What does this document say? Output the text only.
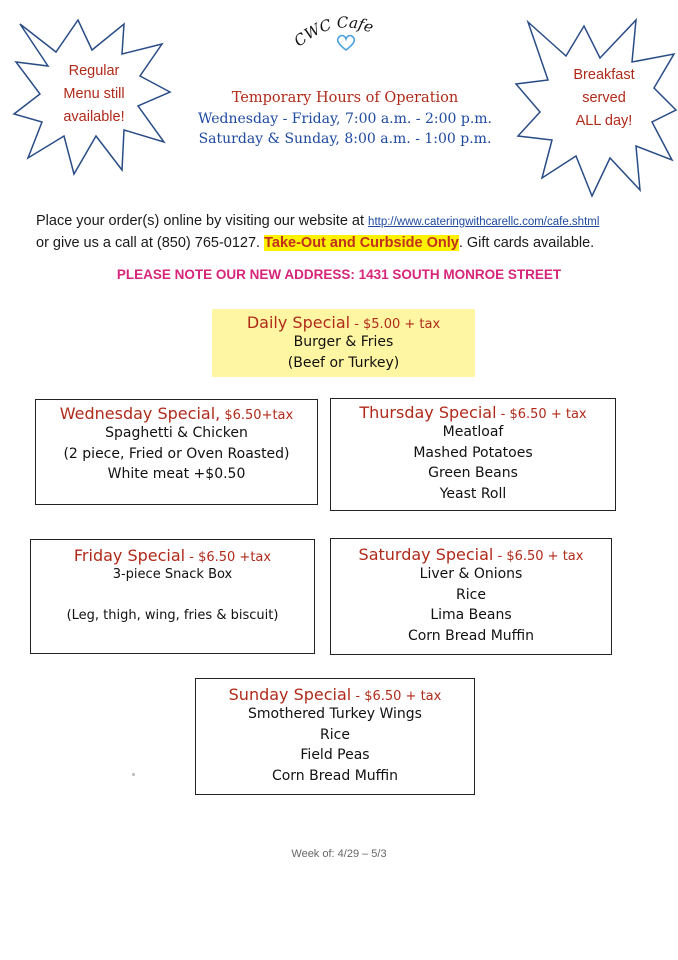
Regular
Menu still
available!
Breakfast
served
ALL day!
CWC Cafe
Temporary Hours of Operation
Wednesday - Friday, 7:00 a.m. - 2:00 p.m.
Saturday & Sunday, 8:00 a.m. - 1:00 p.m.
Place your order(s) online by visiting our website at http://www.cateringwithcarellc.com/cafe.shtml
or give us a call at (850) 765-0127. Take-Out and Curbside Only. Gift cards available.
PLEASE NOTE OUR NEW ADDRESS: 1431 SOUTH MONROE STREET
Daily Special - $5.00 + tax
Burger & Fries
(Beef or Turkey)
Wednesday Special, $6.50+tax
Spaghetti & Chicken
(2 piece, Fried or Oven Roasted)
White meat +$0.50
Thursday Special - $6.50 + tax
Meatloaf
Mashed Potatoes
Green Beans
Yeast Roll
Friday Special - $6.50 +tax
3-piece Snack Box
(Leg, thigh, wing, fries & biscuit)
Saturday Special - $6.50 + tax
Liver & Onions
Rice
Lima Beans
Corn Bread Muffin
Sunday Special - $6.50 + tax
Smothered Turkey Wings
Rice
Field Peas
Corn Bread Muffin
Week of: 4/29 – 5/3
